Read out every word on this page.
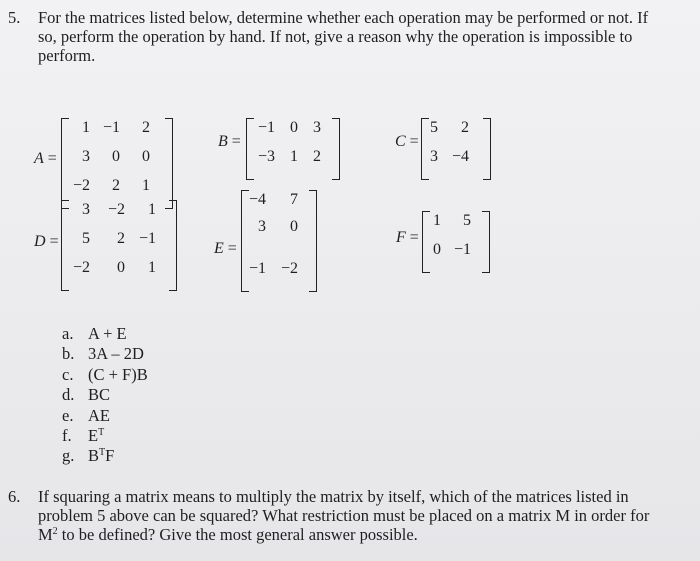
5. For the matrices listed below, determine whether each operation may be performed or not. If
so, perform the operation by hand. If not, give a reason why the operation is impossible to
perform.
A =
1 −1	2
3	0	0
−2	2	1
B =
−1 0 3
−3 1 2
C =
5	2
3 −4
D =
3 −2	1
5	2 −1
−2	0	1
E =
−4	7
3	0
−1 −2
F =
1	5
0 −1
a. A + E
b. 3A – 2D
c. (C + F)B
d. BC
e. AE
f. $E^T$
g. $B^TF$
6. If squaring a matrix means to multiply the matrix by itself, which of the matrices listed in
problem 5 above can be squared? What restriction must be placed on a matrix M in order for
$M^2$ to be defined? Give the most general answer possible.
